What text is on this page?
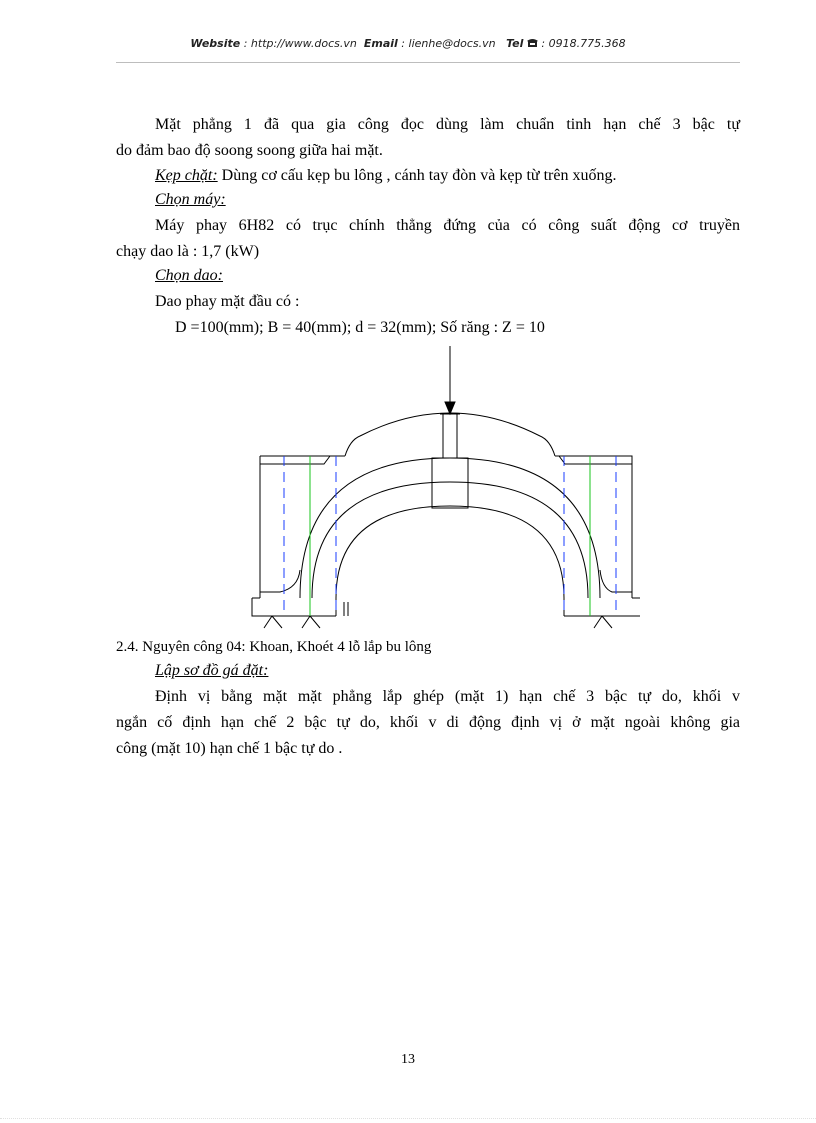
Website : http://www.docs.vn Email : lienhe@docs.vn Tel  : 0918.775.368
Mặt phẳng 1 đã qua gia công đọc dùng làm chuẩn tinh hạn chế 3 bậc tự
do đảm bao độ soong soong giữa hai mặt.
Kẹp chặt: Dùng cơ cấu kẹp bu lông , cánh tay đòn và kẹp từ trên xuống.
Chọn máy:
Máy phay 6H82 có trục chính thẳng đứng của có công suất động cơ truyền
chạy dao là : 1,7 (kW)
Chọn dao:
Dao phay mặt đầu có :
D =100(mm); B = 40(mm); d = 32(mm); Số răng : Z = 10
2.4. Nguyên công 04: Khoan, Khoét 4 lỗ lắp bu lông
Lập sơ đồ gá đặt:
Định vị bằng mặt mặt phẳng lắp ghép (mặt 1) hạn chế 3 bậc tự do, khối v
ngắn cố định hạn chế 2 bậc tự do, khối v di động định vị ở mặt ngoài không gia
công (mặt 10) hạn chế 1 bậc tự do .
13
